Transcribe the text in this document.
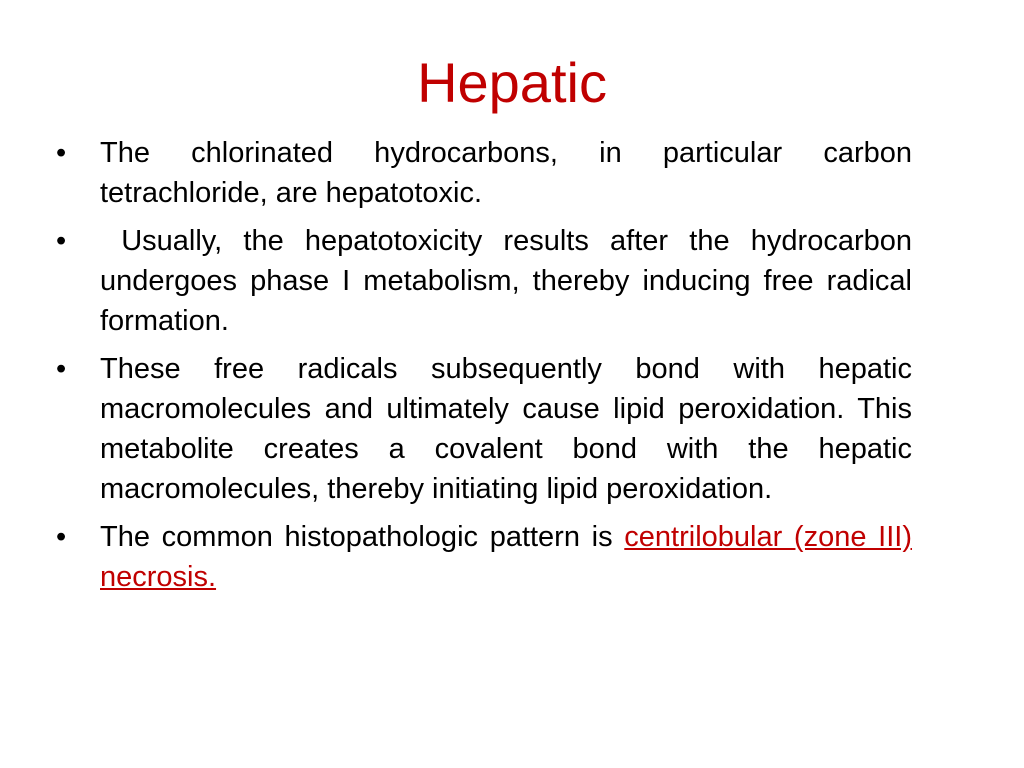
Hepatic
•	The chlorinated hydrocarbons, in particular carbon tetrachloride, are hepatotoxic.
•	Usually, the hepatotoxicity results after the hydrocarbon undergoes phase I metabolism, thereby inducing free radical formation.
•	These free radicals subsequently bond with hepatic macromolecules and ultimately cause lipid peroxidation. This metabolite creates a covalent bond with the hepatic macromolecules, thereby initiating lipid peroxidation.
•	The common histopathologic pattern is centrilobular (zone III) necrosis.
